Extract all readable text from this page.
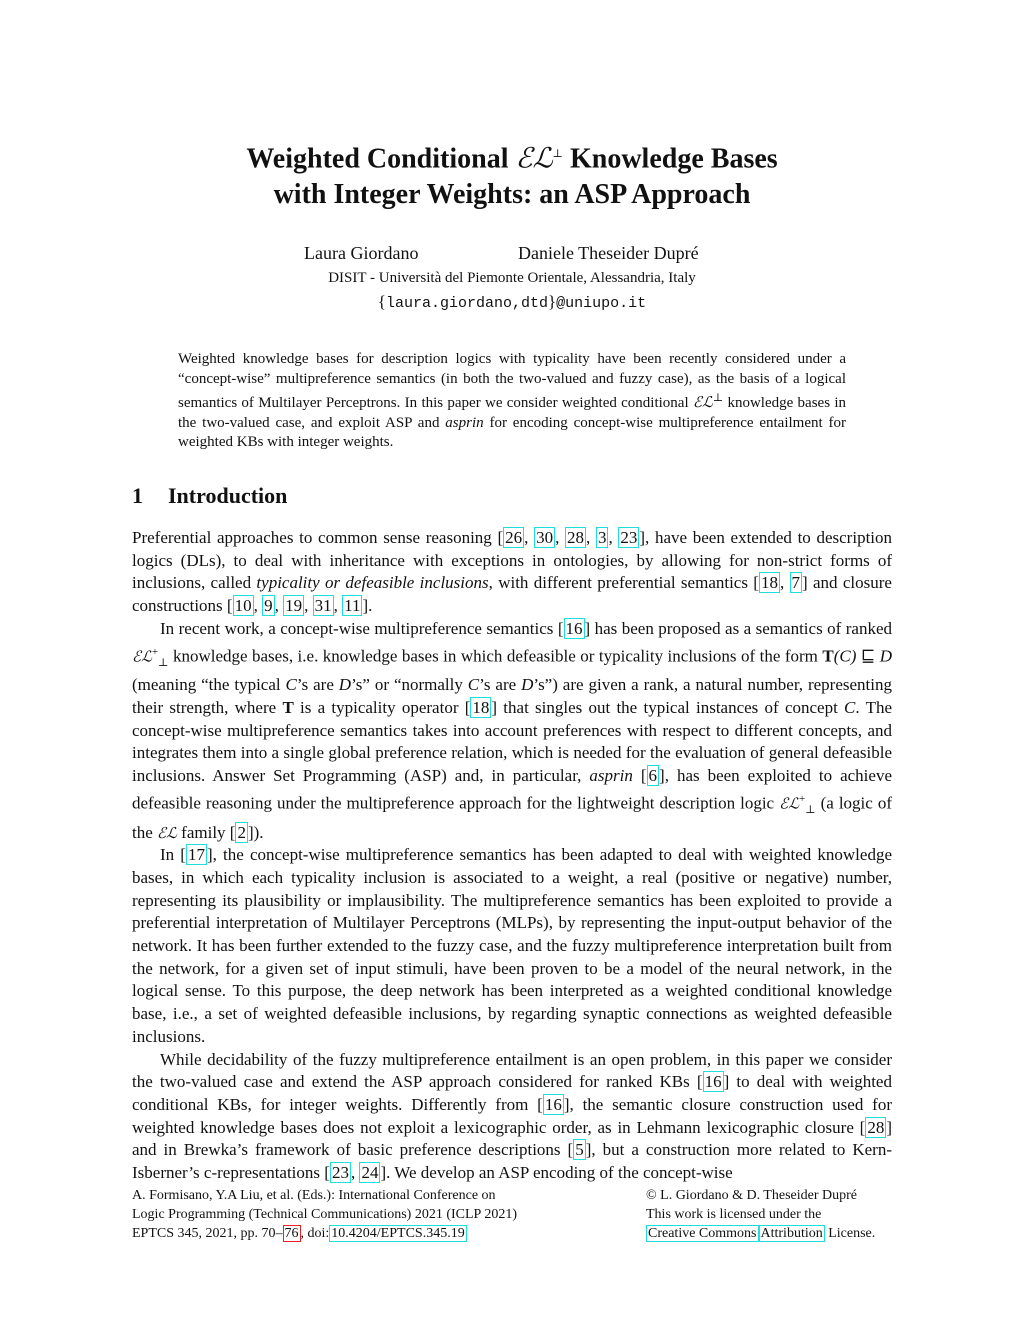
Weighted Conditional ℰℒ⊥ Knowledge Bases
with Integer Weights: an ASP Approach
Laura Giordano	Daniele Theseider Dupré
DISIT - Università del Piemonte Orientale, Alessandria, Italy
{laura.giordano,dtd}@uniupo.it

Weighted knowledge bases for description logics with typicality have been recently considered under a “concept-wise” multipreference semantics (in both the two-valued and fuzzy case), as the basis of a logical semantics of Multilayer Perceptrons. In this paper we consider weighted conditional ℰℒ⊥ knowledge bases in the two-valued case, and exploit ASP and asprin for encoding concept-wise multipreference entailment for weighted KBs with integer weights.

1 Introduction

Preferential approaches to common sense reasoning [ 26 , 30 , 28 , 3 , 23 ], have been extended to description logics (DLs), to deal with inheritance with exceptions in ontologies, by allowing for non-strict forms of inclusions, called typicality or defeasible inclusions, with different preferential semantics [ 18 , 7 ] and closure constructions [ 10 , 9 , 19 , 31 , 11 ].

In recent work, a concept-wise multipreference semantics [ 16 ] has been proposed as a semantics of ranked ℰℒ+$_\perp$ knowledge bases, i.e. knowledge bases in which defeasible or typicality inclusions of the form T(C) ⊑ D (meaning “the typical C’s are D’s” or “normally C’s are D’s”) are given a rank, a natural number, representing their strength, where T is a typicality operator [ 18 ] that singles out the typical instances of concept C. The concept-wise multipreference semantics takes into account preferences with respect to different concepts, and integrates them into a single global preference relation, which is needed for the evaluation of general defeasible inclusions. Answer Set Programming (ASP) and, in particular, asprin [ 6 ], has been exploited to achieve defeasible reasoning under the multipreference approach for the lightweight description logic ℰℒ+$_\perp$ (a logic of the ℰℒ family [ 2 ]).

In [ 17 ], the concept-wise multipreference semantics has been adapted to deal with weighted knowledge bases, in which each typicality inclusion is associated to a weight, a real (positive or negative) number, representing its plausibility or implausibility. The multipreference semantics has been exploited to provide a preferential interpretation of Multilayer Perceptrons (MLPs), by representing the input-output behavior of the network. It has been further extended to the fuzzy case, and the fuzzy multipreference interpretation built from the network, for a given set of input stimuli, have been proven to be a model of the neural network, in the logical sense. To this purpose, the deep network has been interpreted as a weighted conditional knowledge base, i.e., a set of weighted defeasible inclusions, by regarding synaptic connections as weighted defeasible inclusions.

While decidability of the fuzzy multipreference entailment is an open problem, in this paper we consider the two-valued case and extend the ASP approach considered for ranked KBs [ 16 ] to deal with weighted conditional KBs, for integer weights. Differently from [ 16 ], the semantic closure construction used for weighted knowledge bases does not exploit a lexicographic order, as in Lehmann lexicographic closure [ 28 ] and in Brewka’s framework of basic preference descriptions [ 5 ], but a construction more related to Kern-Isberner’s c-representations [ 23 , 24 ]. We develop an ASP encoding of the concept-wise

A. Formisano, Y.A Liu, et al. (Eds.): International Conference on
Logic Programming (Technical Communications) 2021 (ICLP 2021)
EPTCS 345, 2021, pp. 70– 76 , doi: 10.4204/EPTCS.345.19
© L. Giordano & D. Theseider Dupré
This work is licensed under the
Creative Commons Attribution License.
